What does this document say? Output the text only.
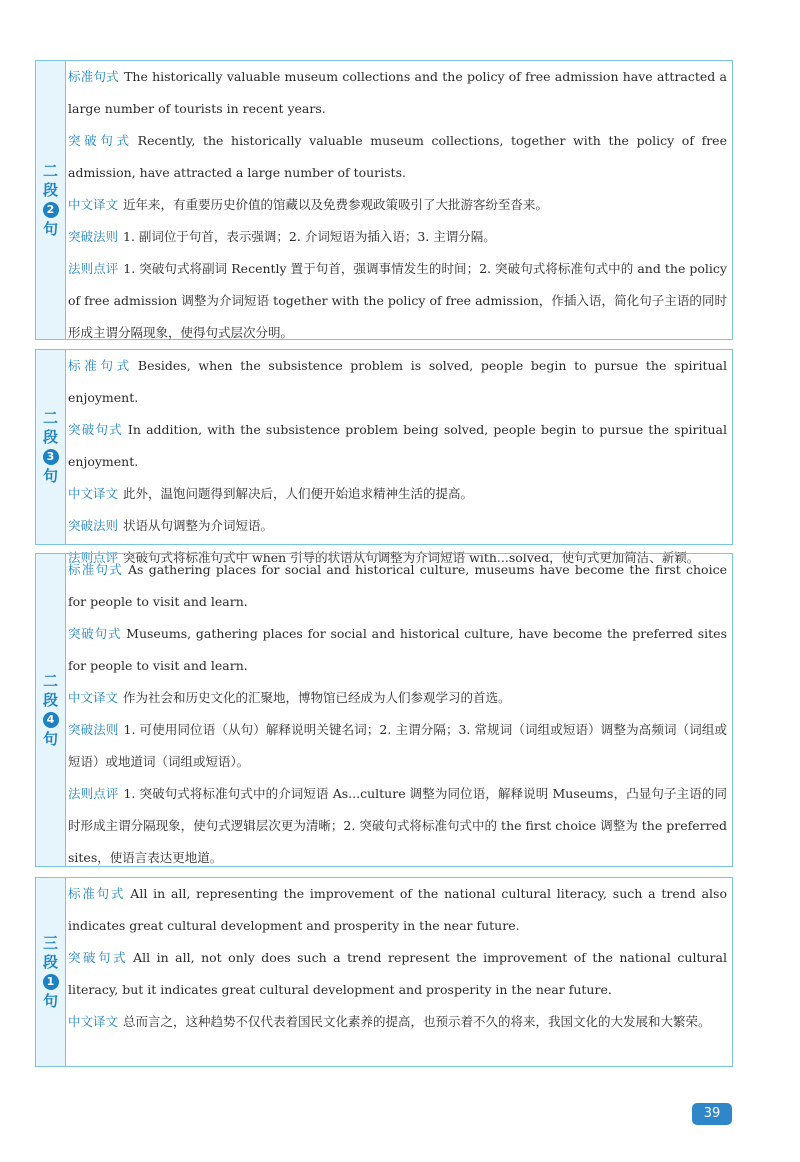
二
段
2
句

标准句式 The historically valuable museum collections and the policy of free admission have attracted a large number of tourists in recent years.

突破句式 Recently, the historically valuable museum collections, together with the policy of free admission, have attracted a large number of tourists.

中文译文 近年来，有重要历史价值的馆藏以及免费参观政策吸引了大批游客纷至沓来。

突破法则 1. 副词位于句首，表示强调；2. 介词短语为插入语；3. 主谓分隔。

法则点评 1. 突破句式将副词 Recently 置于句首，强调事情发生的时间；2. 突破句式将标准句式中的 and the policy of free admission 调整为介词短语 together with the policy of free admission，作插入语，简化句子主语的同时形成主谓分隔现象，使得句式层次分明。

二
段
3
句

标准句式 Besides, when the subsistence problem is solved, people begin to pursue the spiritual enjoyment.

突破句式 In addition, with the subsistence problem being solved, people begin to pursue the spiritual enjoyment.

中文译文 此外，温饱问题得到解决后，人们便开始追求精神生活的提高。

突破法则 状语从句调整为介词短语。

法则点评 突破句式将标准句式中 when 引导的状语从句调整为介词短语 with...solved，使句式更加简洁、新颖。

二
段
4
句

标准句式 As gathering places for social and historical culture, museums have become the first choice for people to visit and learn.

突破句式 Museums, gathering places for social and historical culture, have become the preferred sites for people to visit and learn.

中文译文 作为社会和历史文化的汇聚地，博物馆已经成为人们参观学习的首选。

突破法则 1. 可使用同位语（从句）解释说明关键名词；2. 主谓分隔；3. 常规词（词组或短语）调整为高频词（词组或短语）或地道词（词组或短语）。

法则点评 1. 突破句式将标准句式中的介词短语 As...culture 调整为同位语，解释说明 Museums，凸显句子主语的同时形成主谓分隔现象，使句式逻辑层次更为清晰；2. 突破句式将标准句式中的 the first choice 调整为 the preferred sites，使语言表达更地道。

三
段
1
句

标准句式 All in all, representing the improvement of the national cultural literacy, such a trend also indicates great cultural development and prosperity in the near future.

突破句式 All in all, not only does such a trend represent the improvement of the national cultural literacy, but it indicates great cultural development and prosperity in the near future.

中文译文 总而言之，这种趋势不仅代表着国民文化素养的提高，也预示着不久的将来，我国文化的大发展和大繁荣。

39
